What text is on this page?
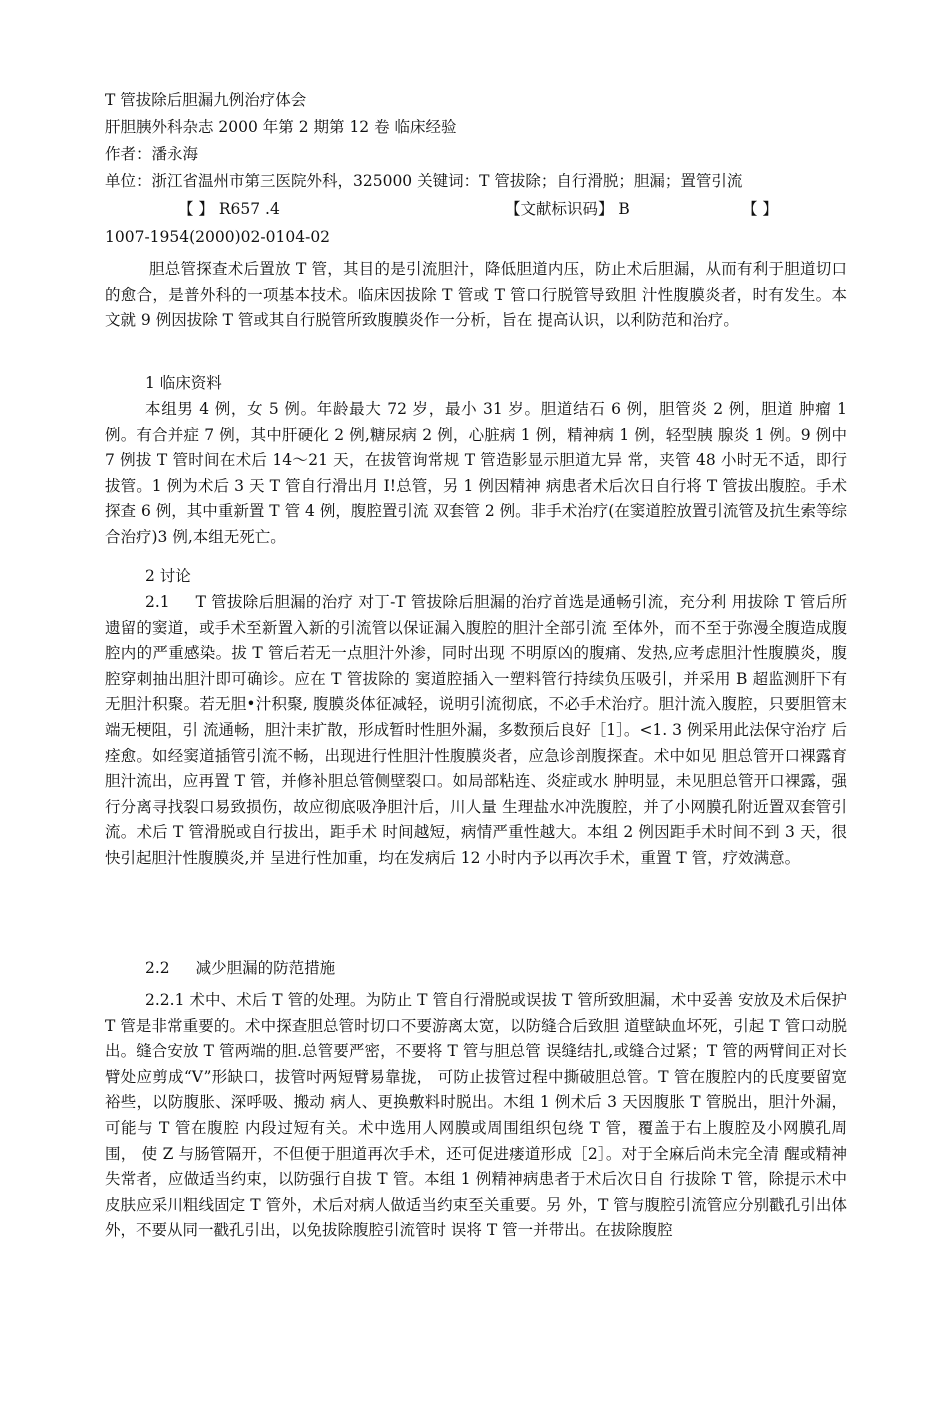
T 管拔除后胆漏九例治疗体会
肝胆胰外科杂志 2000 年第 2 期第 12 卷 临床经验
作者：潘永海
单位：浙江省温州市第三医院外科，325000 关键词：T 管拔除；自行滑脱；胆漏；置管引流
【 】 R657 .4	【文献标识码】 B	【 】
1007-1954(2000)02-0104-02

胆总管探查术后置放 T 管，其目的是引流胆汁，降低胆道内压，防止术后胆漏，从而有利于胆道切口的愈合，是普外科的一项基本技术。临床因拔除 T 管或 T 管口行脱管导致胆 汁性腹膜炎者，时有发生。本文就 9 例因拔除 T 管或其自行脱管所致腹膜炎作一分析，旨在 提高认识，以利防范和治疗。

1 临床资料

本组男 4 例，女 5 例。年龄最大 72 岁，最小 31 岁。胆道结石 6 例，胆管炎 2 例，胆道 肿瘤 1 例。有合并症 7 例，其中肝硬化 2 例,糖尿病 2 例，心脏病 1 例，精神病 1 例，轻型胰 腺炎 1 例。9 例中 7 例拔 T 管时间在术后 14〜21 天，在拔管询常规 T 管造影显示胆道尢异 常，夹管 48 小时无不适，即行拔管。1 例为术后 3 天 T 管自行滑出月 I!总管，另 1 例因精神 病患者术后次日自行将 T 管拔出腹腔。手术探查 6 例，其中重新置 T 管 4 例，腹腔置引流 双套管 2 例。非手术治疗(在窦道腔放置引流管及抗生索等综合治疗)3 例,本组无死亡。

2 讨论

2.1 T 管拔除后胆漏的治疗 对丁-T 管拔除后胆漏的治疗首选是通畅引流，充分利 用拔除 T 管后所遗留的窦道，或手术至新置入新的引流管以保证漏入腹腔的胆汁全部引流 至体外，而不至于弥漫全腹造成腹腔内的严重感染。拔 T 管后若无一点胆汁外渗，同时出现 不明原凶的腹痛、发热,应考虑胆汁性腹膜炎，腹腔穿刺抽出胆汁即可确诊。应在 T 管拔除的 窦道腔插入一塑料管行持续负压吸引，并采用 B 超监测肝下有无胆汁积聚。若无胆•汁积聚, 腹膜炎体征减轻，说明引流彻底，不必手术治疗。胆汁流入腹腔，只要胆管末端无梗阻，引 流通畅，胆汁耒扩散，形成暂时性胆外漏，多数预后良好［1］。<1. 3 例采用此法保守治疗 后痊愈。如经窦道插管引流不畅，出现进行性胆汁性腹膜炎者，应急诊剖腹探査。术中如见 胆总管开口裸露育胆汁流出，应再置 T 管，并修补胆总管侧壁裂口。如局部粘连、炎症或水 肿明显，未见胆总管开口裸露，强行分离寻找裂口易致损伤，故应彻底吸净胆汁后，川人量 生理盐水冲洗腹腔，并了小网膜孔附近置双套管引流。术后 T 管滑脱或自行拔出，距手术 时间越短，病情严重性越大。本组 2 例因距手术时间不到 3 天，很快引起胆汁性腹膜炎,并 呈进行性加重，均在发病后 12 小时内予以再次手术，重置 T 管，疗效满意。

2.2 减少胆漏的防范措施

2.2.1 术中、术后 T 管的处理。为防止 T 管自行滑脱或误拔 T 管所致胆漏，术中妥善 安放及术后保护 T 管是非常重要的。术中探查胆总管时切口不要游离太宽，以防缝合后致胆 道壁缺血坏死，引起 T 管口动脱出。缝合安放 T 管两端的胆.总管要严密，不要将 T 管与胆总管 误缝结扎,或缝合过紧；T 管的两臂间正对长臂处应剪成“V”形缺口，拔管吋两短臂易靠拢， 可防止拔管过程中撕破胆总管。T 管在腹腔内的氏度要留宽裕些，以防腹胀、深呼吸、搬动 病人、更换敷料时脱出。木组 1 例术后 3 天因腹胀 T 管脱出，胆汁外漏，可能与 T 管在腹腔 内段过短有关。术中选用人网膜或周围组织包绕 T 管，覆盖于右上腹腔及小网膜孔周围， 使 Z 与肠管隔开，不但便于胆道再次手术，还可促进瘘道形成［2］。对于全麻后尚未完全清 醒或精神失常者，应做适当约束，以防强行自拔 T 管。本组 1 例精神病患者于术后次日自 行拔除 T 管，除提示术中皮肤应采川粗线固定 T 管外，术后对病人做适当约束至关重要。另 外，T 管与腹腔引流管应分别戳孔引出体外，不要从同一戳孔引出，以免拔除腹腔引流管时 误将 T 管一并带出。在拔除腹腔
